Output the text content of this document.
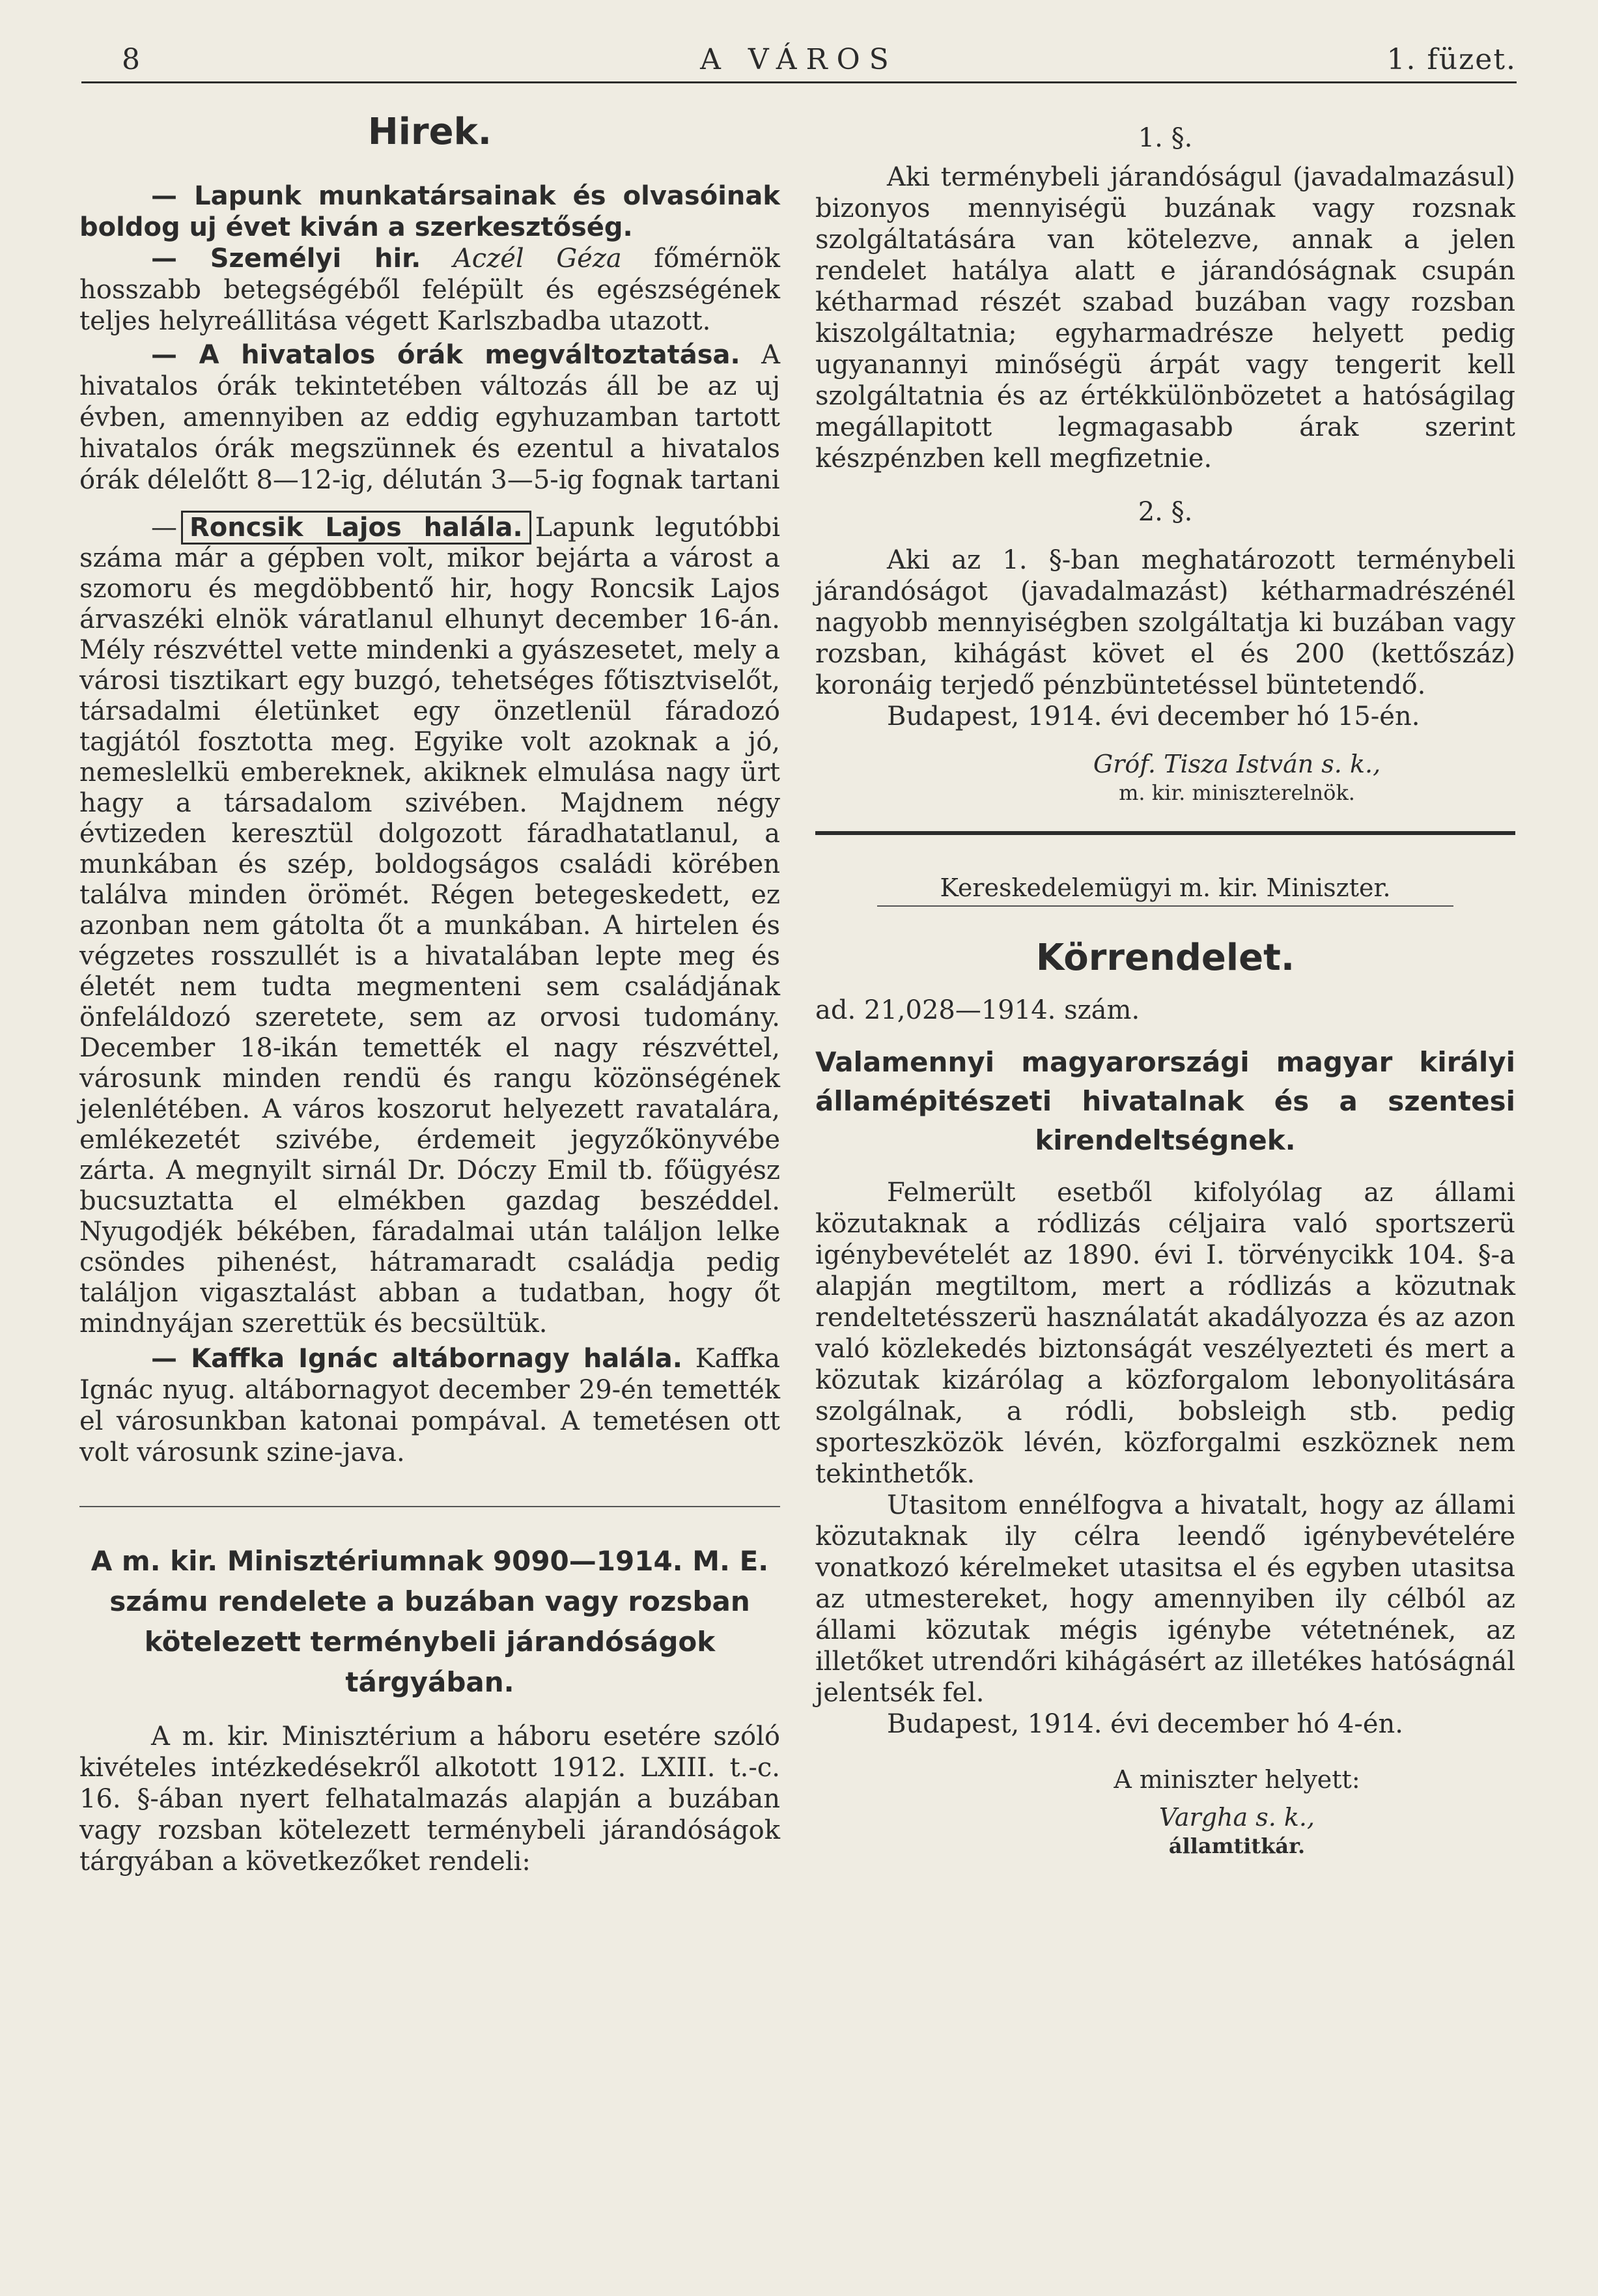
8	A VÁROS	1. füzet.
Hirek.

— Lapunk munkatársainak és olvasóinak boldog uj évet kiván a szerkesztőség.

— Személyi hir. Aczél Géza főmérnök hosszabb betegségéből felépült és egészségének teljes helyreállitása végett Karlszbadba utazott.

— A hivatalos órák megváltoztatása. A hivatalos órák tekintetében változás áll be az uj évben, amennyiben az eddig egyhuzamban tartott hivatalos órák megszünnek és ezentul a hivatalos órák délelőtt 8—12-ig, délután 3—5-ig fognak tartani

— Roncsik Lajos halála. Lapunk legutóbbi száma már a gépben volt, mikor bejárta a várost a szomoru és megdöbbentő hir, hogy Roncsik Lajos árvaszéki elnök váratlanul elhunyt december 16-án. Mély részvéttel vette mindenki a gyászesetet, mely a városi tisztikart egy buzgó, tehetséges főtisztviselőt, társadalmi életünket egy önzetlenül fáradozó tagjától fosztotta meg. Egyike volt azoknak a jó, nemeslelkü embereknek, akiknek elmulása nagy ürt hagy a társadalom szivében. Majdnem négy évtizeden keresztül dolgozott fáradhatatlanul, a munkában és szép, boldogságos családi körében találva minden örömét. Régen betegeskedett, ez azonban nem gátolta őt a munkában. A hirtelen és végzetes rosszullét is a hivatalában lepte meg és életét nem tudta megmenteni sem családjának önfeláldozó szeretete, sem az orvosi tudomány. December 18-ikán temették el nagy részvéttel, városunk minden rendü és rangu közönségének jelenlétében. A város koszorut helyezett ravatalára, emlékezetét szivébe, érdemeit jegyzőkönyvébe zárta. A megnyilt sirnál Dr. Dóczy Emil tb. főügyész bucsuztatta el elmékben gazdag beszéddel. Nyugodjék békében, fáradalmai után találjon lelke csöndes pihenést, hátramaradt családja pedig találjon vigasztalást abban a tudatban, hogy őt mindnyájan szerettük és becsültük.

— Kaffka Ignác altábornagy halála. Kaffka Ignác nyug. altábornagyot december 29-én temették el városunkban katonai pompával. A temetésen ott volt városunk szine-java.

A m. kir. Minisztériumnak 9090—1914. M. E. számu rendelete a buzában vagy rozsban kötelezett terménybeli járandóságok tárgyában.

A m. kir. Minisztérium a háboru esetére szóló kivételes intézkedésekről alkotott 1912. LXIII. t.-c. 16. §-ában nyert felhatalmazás alapján a buzában vagy rozsban kötelezett terménybeli járandóságok tárgyában a következőket rendeli:

1. §.

Aki terménybeli járandóságul (javadalmazásul) bizonyos mennyiségü buzának vagy rozsnak szolgáltatására van kötelezve, annak a jelen rendelet hatálya alatt e járandóságnak csupán kétharmad részét szabad buzában vagy rozsban kiszolgáltatnia; egyharmadrésze helyett pedig ugyanannyi minőségü árpát vagy tengerit kell szolgáltatnia és az értékkülönbözetet a hatóságilag megállapitott legmagasabb árak szerint készpénzben kell megfizetnie.

2. §.

Aki az 1. §-ban meghatározott terménybeli járandóságot (javadalmazást) kétharmadrészénél nagyobb mennyiségben szolgáltatja ki buzában vagy rozsban, kihágást követ el és 200 (kettőszáz) koronáig terjedő pénzbüntetéssel büntetendő.

Budapest, 1914. évi december hó 15-én.

Gróf. Tisza István s. k.,
m. kir. miniszterelnök.
Kereskedelemügyi m. kir. Miniszter.
Körrendelet.

ad. 21,028—1914. szám.

Valamennyi magyarországi magyar királyi államépitészeti hivatalnak és a szentesi kirendeltségnek.

Felmerült esetből kifolyólag az állami közutaknak a ródlizás céljaira való sportszerü igénybevételét az 1890. évi I. törvénycikk 104. §-a alapján megtiltom, mert a ródlizás a közutnak rendeltetésszerü használatát akadályozza és az azon való közlekedés biztonságát veszélyezteti és mert a közutak kizárólag a közforgalom lebonyolitására szolgálnak, a ródli, bobsleigh stb. pedig sporteszközök lévén, közforgalmi eszköznek nem tekinthetők.

Utasitom ennélfogva a hivatalt, hogy az állami közutaknak ily célra leendő igénybevételére vonatkozó kérelmeket utasitsa el és egyben utasitsa az utmestereket, hogy amennyiben ily célból az állami közutak mégis igénybe vétetnének, az illetőket utrendőri kihágásért az illetékes hatóságnál jelentsék fel.

Budapest, 1914. évi december hó 4-én.

A miniszter helyett:
Vargha s. k.,
államtitkár.
